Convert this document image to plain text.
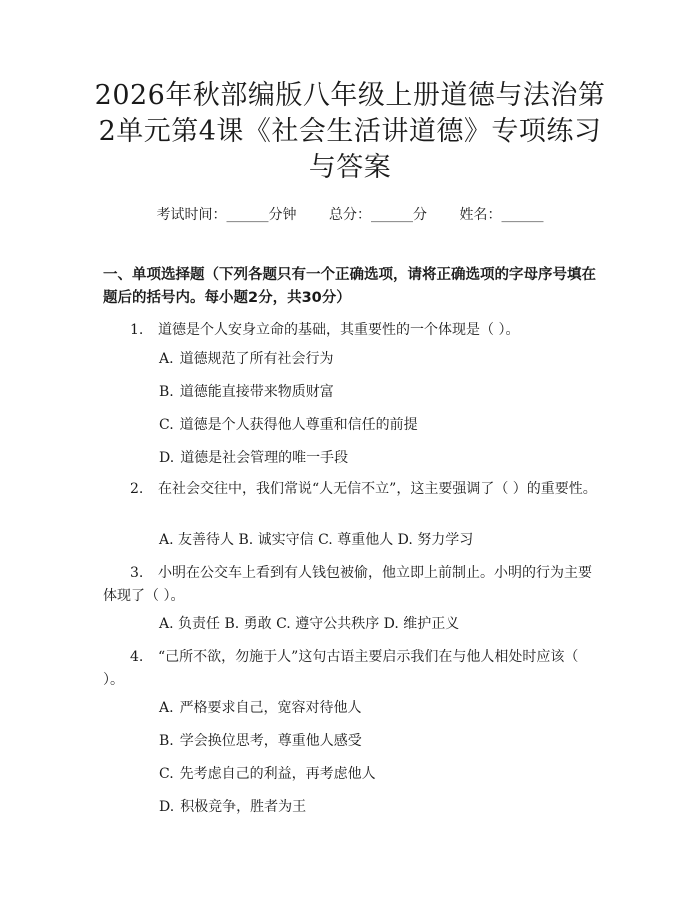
2026年秋部编版八年级上册道德与法治第2单元第4课《社会生活讲道德》专项练习与答案
考试时间：______分钟 总分：______分 姓名：______

一、单项选择题（下列各题只有一个正确选项，请将正确选项的字母序号填在题后的括号内。每小题2分，共30分）

1. 道德是个人安身立命的基础，其重要性的一个体现是（ ）。
A. 道德规范了所有社会行为
B. 道德能直接带来物质财富
C. 道德是个人获得他人尊重和信任的前提
D. 道德是社会管理的唯一手段
2. 在社会交往中，我们常说“人无信不立”，这主要强调了（ ）的重要性。
A. 友善待人 B. 诚实守信 C. 尊重他人 D. 努力学习
3. 小明在公交车上看到有人钱包被偷，他立即上前制止。小明的行为主要体现了（ ）。
A. 负责任 B. 勇敢 C. 遵守公共秩序 D. 维护正义
4. “己所不欲，勿施于人”这句古语主要启示我们在与他人相处时应该（ ）。
A. 严格要求自己，宽容对待他人
B. 学会换位思考，尊重他人感受
C. 先考虑自己的利益，再考虑他人
D. 积极竞争，胜者为王
